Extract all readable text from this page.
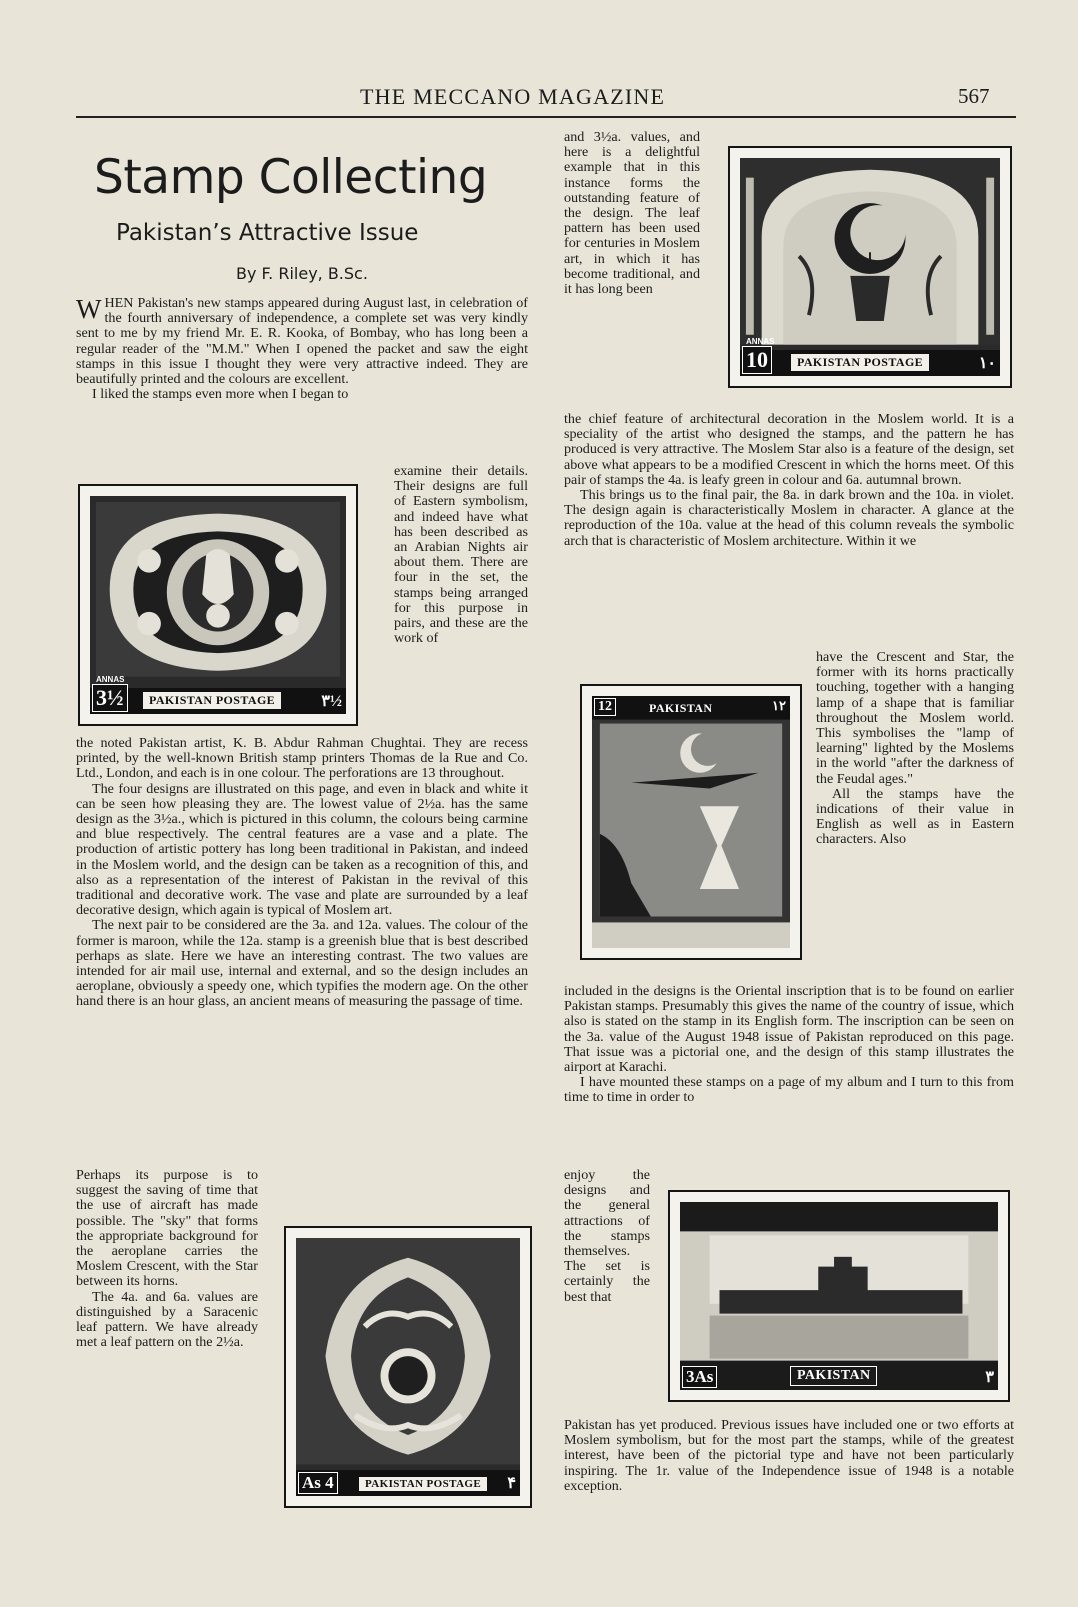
THE MECCANO MAGAZINE	567
Stamp Collecting
Pakistan’s Attractive Issue
By F. Riley, B.Sc.

WHEN Pakistan's new stamps appeared during August last, in celebration of the fourth anniversary of independence, a complete set was very kindly sent to me by my friend Mr. E. R. Kooka, of Bombay, who has long been a regular reader of the "M.M." When I opened the packet and saw the eight stamps in this issue I thought they were very attractive indeed. They are beautifully printed and the colours are excellent.

I liked the stamps even more when I began to

examine their details. Their designs are full of Eastern symbolism, and indeed have what has been described as an Arabian Nights air about them. There are four in the set, the stamps being arranged for this purpose in pairs, and these are the work of

the noted Pakistan artist, K. B. Abdur Rahman Chughtai. They are recess printed, by the well-known British stamp printers Thomas de la Rue and Co. Ltd., London, and each is in one colour. The perforations are 13 throughout.

The four designs are illustrated on this page, and even in black and white it can be seen how pleasing they are. The lowest value of 2½a. has the same design as the 3½a., which is pictured in this column, the colours being carmine and blue respectively. The central features are a vase and a plate. The production of artistic pottery has long been traditional in Pakistan, and indeed in the Moslem world, and the design can be taken as a recognition of this, and also as a representation of the interest of Pakistan in the revival of this traditional and decorative work. The vase and plate are surrounded by a leaf decorative design, which again is typical of Moslem art.

The next pair to be considered are the 3a. and 12a. values. The colour of the former is maroon, while the 12a. stamp is a greenish blue that is best described perhaps as slate. Here we have an interesting contrast. The two values are intended for air mail use, internal and external, and so the design includes an aeroplane, obviously a speedy one, which typifies the modern age. On the other hand there is an hour glass, an ancient means of measuring the passage of time.

Perhaps its purpose is to suggest the saving of time that the use of aircraft has made possible. The "sky" that forms the appropriate background for the aeroplane carries the Moslem Crescent, with the Star between its horns.

The 4a. and 6a. values are distinguished by a Saracenic leaf pattern. We have already met a leaf pattern on the 2½a.

and 3½a. values, and here is a delightful example that in this instance forms the outstanding feature of the design. The leaf pattern has been used for centuries in Moslem art, in which it has become traditional, and it has long been

the chief feature of architectural decoration in the Moslem world. It is a speciality of the artist who designed the stamps, and the pattern he has produced is very attractive. The Moslem Star also is a feature of the design, set above what appears to be a modified Crescent in which the horns meet. Of this pair of stamps the 4a. is leafy green in colour and 6a. autumnal brown.

This brings us to the final pair, the 8a. in dark brown and the 10a. in violet. The design again is characteristically Moslem in character. A glance at the reproduction of the 10a. value at the head of this column reveals the symbolic arch that is characteristic of Moslem architecture. Within it we

have the Crescent and Star, the former with its horns practically touching, together with a hanging lamp of a shape that is familiar throughout the Moslem world. This symbolises the "lamp of learning" lighted by the Moslems in the world "after the darkness of the Feudal ages."

All the stamps have the indications of their value in English as well as in Eastern characters. Also

included in the designs is the Oriental inscription that is to be found on earlier Pakistan stamps. Presumably this gives the name of the country of issue, which also is stated on the stamp in its English form. The inscription can be seen on the 3a. value of the August 1948 issue of Pakistan reproduced on this page. That issue was a pictorial one, and the design of this stamp illustrates the airport at Karachi.

I have mounted these stamps on a page of my album and I turn to this from time to time in order to

enjoy the designs and the general attractions of the stamps themselves. The set is certainly the best that

Pakistan has yet produced. Previous issues have included one or two efforts at Moslem symbolism, but for the most part the stamps, while of the greatest interest, have been of the pictorial type and have not been particularly inspiring. The 1r. value of the Independence issue of 1948 is a notable exception.

ANNAS
3½	PAKISTAN POSTAGE	۳½
ANNAS
10	PAKISTAN POSTAGE	۱۰
12	PAKISTAN	۱۲
As 4	PAKISTAN POSTAGE	۴
3As	PAKISTAN	۳
